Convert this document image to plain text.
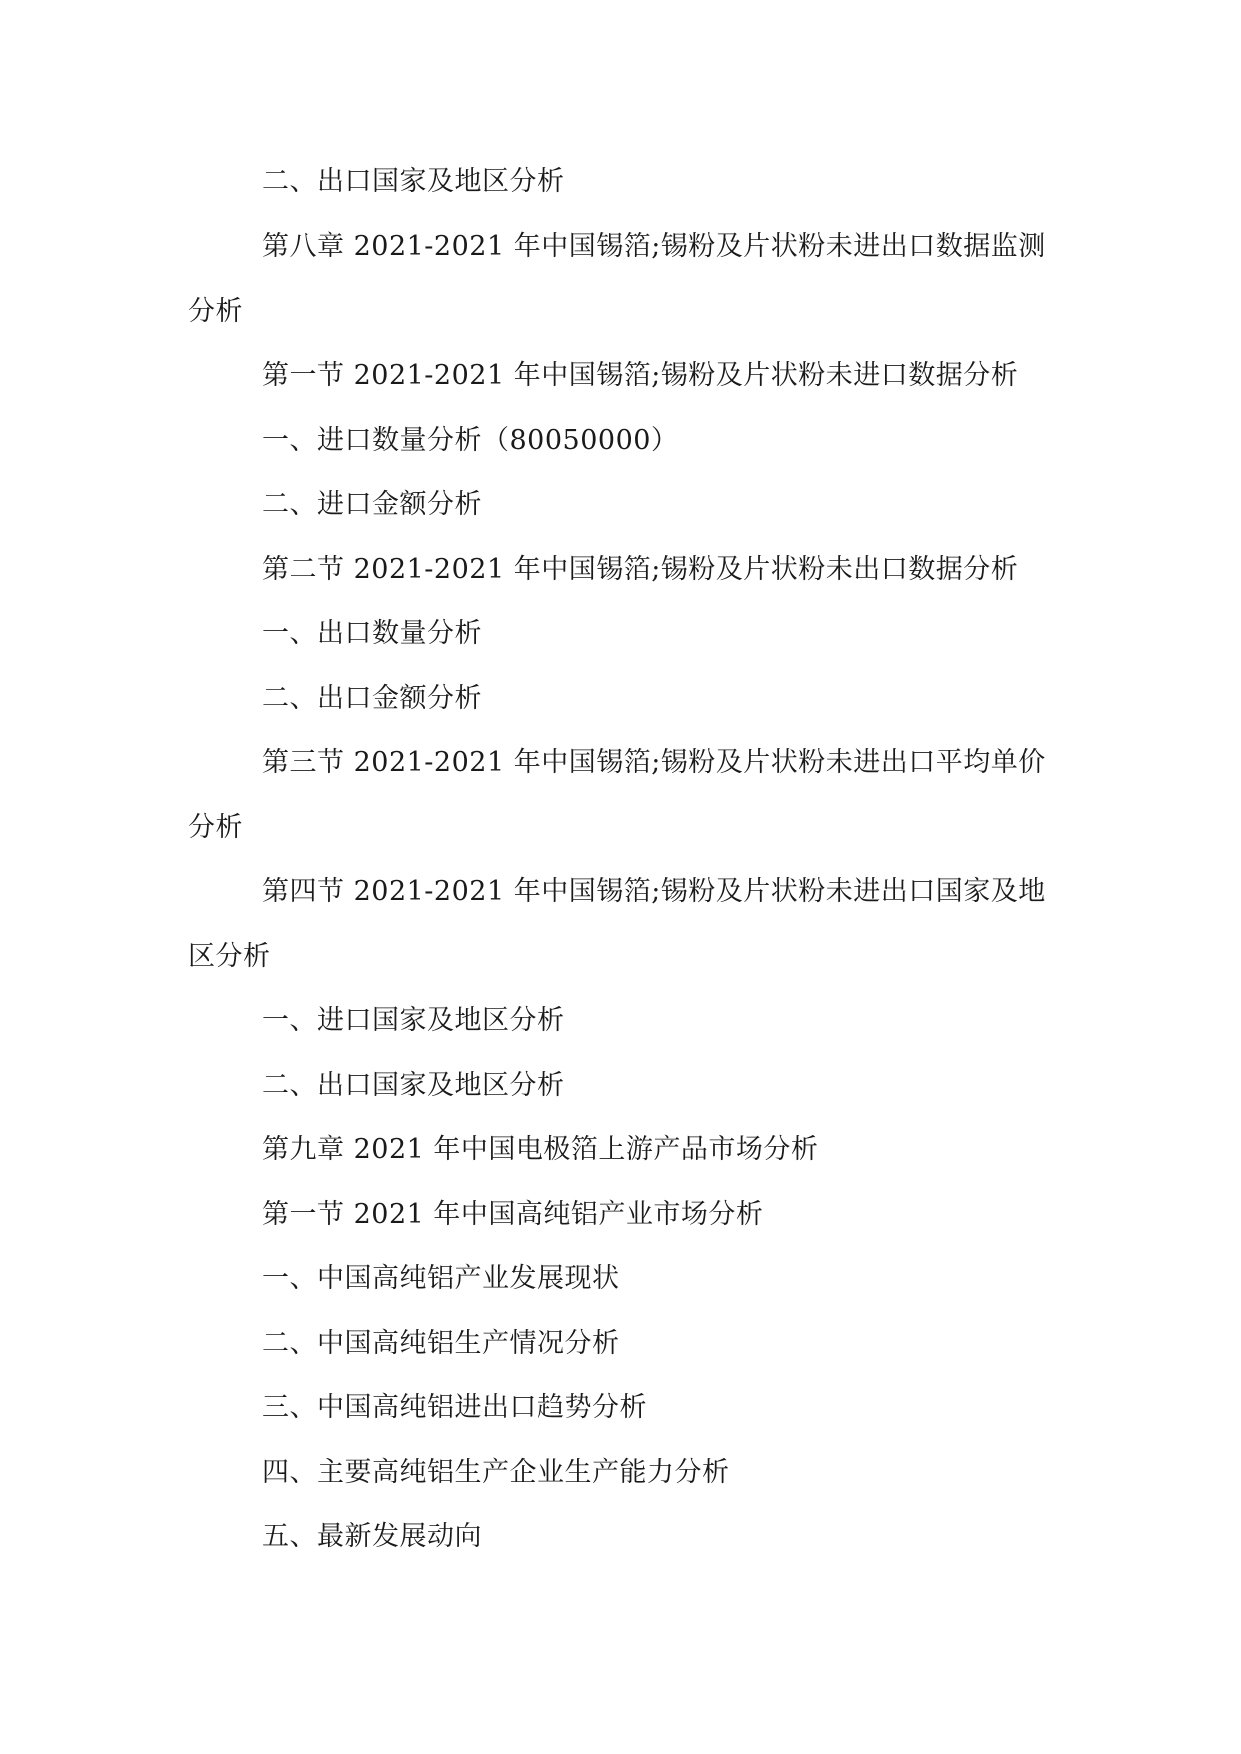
二、出口国家及地区分析
第八章 2021-2021 年中国锡箔;锡粉及片状粉未进出口数据监测
分析
第一节 2021-2021 年中国锡箔;锡粉及片状粉未进口数据分析
一、进口数量分析（80050000）
二、进口金额分析
第二节 2021-2021 年中国锡箔;锡粉及片状粉未出口数据分析
一、出口数量分析
二、出口金额分析
第三节 2021-2021 年中国锡箔;锡粉及片状粉未进出口平均单价
分析
第四节 2021-2021 年中国锡箔;锡粉及片状粉未进出口国家及地
区分析
一、进口国家及地区分析
二、出口国家及地区分析
第九章 2021 年中国电极箔上游产品市场分析
第一节 2021 年中国高纯铝产业市场分析
一、中国高纯铝产业发展现状
二、中国高纯铝生产情况分析
三、中国高纯铝进出口趋势分析
四、主要高纯铝生产企业生产能力分析
五、最新发展动向
